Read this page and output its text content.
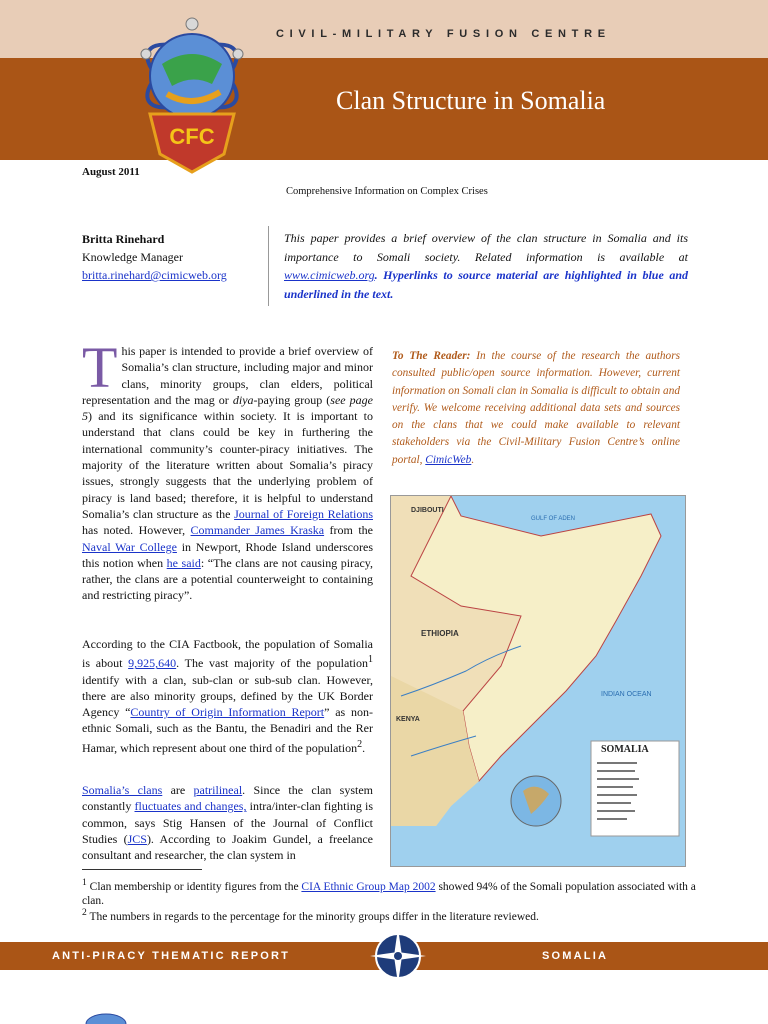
CIVIL-MILITARY FUSION CENTRE
Clan Structure in Somalia
CFC
August 2011
Comprehensive Information on Complex Crises
Britta Rinehard
Knowledge Manager
britta.rinehard@cimicweb.org
This paper provides a brief overview of the clan structure in Somalia and its importance to Somali society. Related information is available at www.cimicweb.org. Hyperlinks to source material are highlighted in blue and underlined in the text.
This paper is intended to provide a brief overview of Somalia’s clan structure, including major and minor clans, minority groups, clan elders, political representation and the mag or diya-paying group (see page 5) and its significance within society. It is important to understand that clans could be key in furthering the international community’s counter-piracy initiatives. The majority of the literature written about Somalia’s piracy issues, strongly suggests that the underlying problem of piracy is land based; therefore, it is helpful to understand Somalia’s clan structure as the Journal of Foreign Relations has noted. However, Commander James Kraska from the Naval War College in Newport, Rhode Island underscores this notion when he said: “The clans are not causing piracy, rather, the clans are a potential counterweight to containing and restricting piracy”.
According to the CIA Factbook, the population of Somalia is about 9,925,640. The vast majority of the population$^1$ identify with a clan, sub-clan or sub-sub clan. However, there are also minority groups, defined by the UK Border Agency “Country of Origin Information Report” as non-ethnic Somali, such as the Bantu, the Benadiri and the Rer Hamar, which represent about one third of the population$^2$.
Somalia’s clans are patrilineal. Since the clan system constantly fluctuates and changes, intra/inter-clan fighting is common, says Stig Hansen of the Journal of Conflict Studies (JCS). According to Joakim Gundel, a freelance consultant and researcher, the clan system in
To The Reader: In the course of the research the authors consulted public/open source information. However, current information on Somali clan in Somalia is difficult to obtain and verify. We welcome receiving additional data sets and sources on the clans that we could make available to relevant stakeholders via the Civil-Military Fusion Centre’s online portal, CimicWeb.
DJIBOUTI
ETHIOPIA
KENYA
GULF OF ADEN
INDIAN OCEAN
SOMALIA
$^1$ Clan membership or identity figures from the CIA Ethnic Group Map 2002 showed 94% of the Somali population associated with a clan.
$^2$ The numbers in regards to the percentage for the minority groups differ in the literature reviewed.
ANTI-PIRACY THEMATIC REPORT	SOMALIA
